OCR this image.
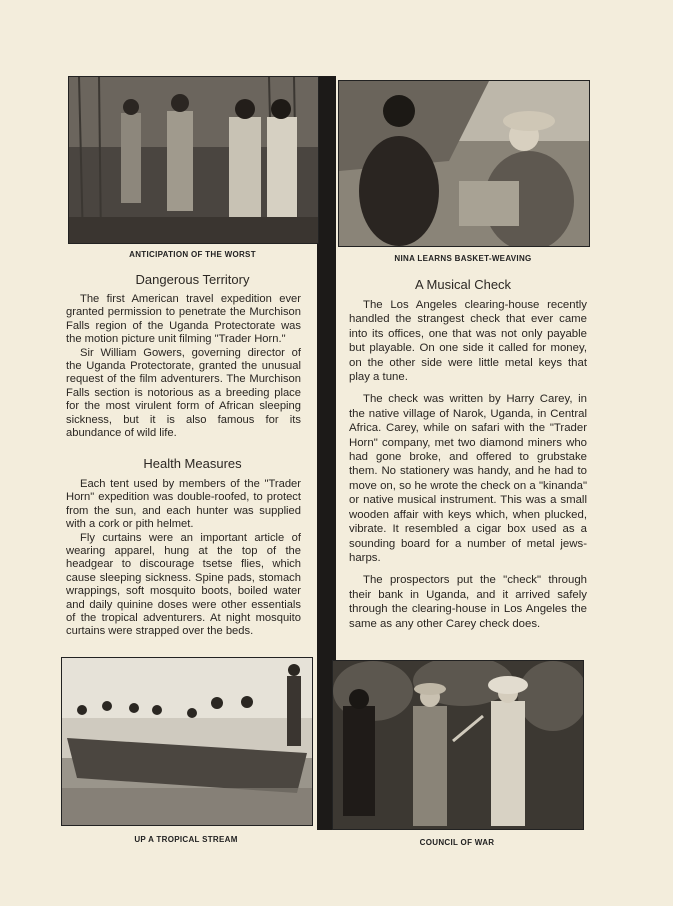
ANTICIPATION OF THE WORST	NINA LEARNS BASKET-WEAVING
Dangerous Territory

The first American travel expedition ever granted permission to penetrate the Murchison Falls region of the Uganda Protectorate was the motion picture unit filming "Trader Horn."

Sir William Gowers, governing director of the Uganda Protectorate, granted the unusual request of the film adventurers. The Murchison Falls section is notorious as a breeding place for the most virulent form of African sleeping sickness, but it is also famous for its abundance of wild life.

Health Measures

Each tent used by members of the "Trader Horn" expedition was double-roofed, to protect from the sun, and each hunter was supplied with a cork or pith helmet.

Fly curtains were an important article of wearing apparel, hung at the top of the headgear to discourage tsetse flies, which cause sleeping sickness. Spine pads, stomach wrappings, soft mosquito boots, boiled water and daily quinine doses were other essentials of the tropical adventurers. At night mosquito curtains were strapped over the beds.

A Musical Check

The Los Angeles clearing-house recently handled the strangest check that ever came into its offices, one that was not only payable but playable. On one side it called for money, on the other side were little metal keys that play a tune.

The check was written by Harry Carey, in the native village of Narok, Uganda, in Central Africa. Carey, while on safari with the "Trader Horn" company, met two diamond miners who had gone broke, and offered to grubstake them. No stationery was handy, and he had to move on, so he wrote the check on a "kinanda" or native musical instrument. This was a small wooden affair with keys which, when plucked, vibrate. It resembled a cigar box used as a sounding board for a number of metal jews-harps.

The prospectors put the "check" through their bank in Uganda, and it arrived safely through the clearing-house in Los Angeles the same as any other Carey check does.

UP A TROPICAL STREAM	COUNCIL OF WAR
